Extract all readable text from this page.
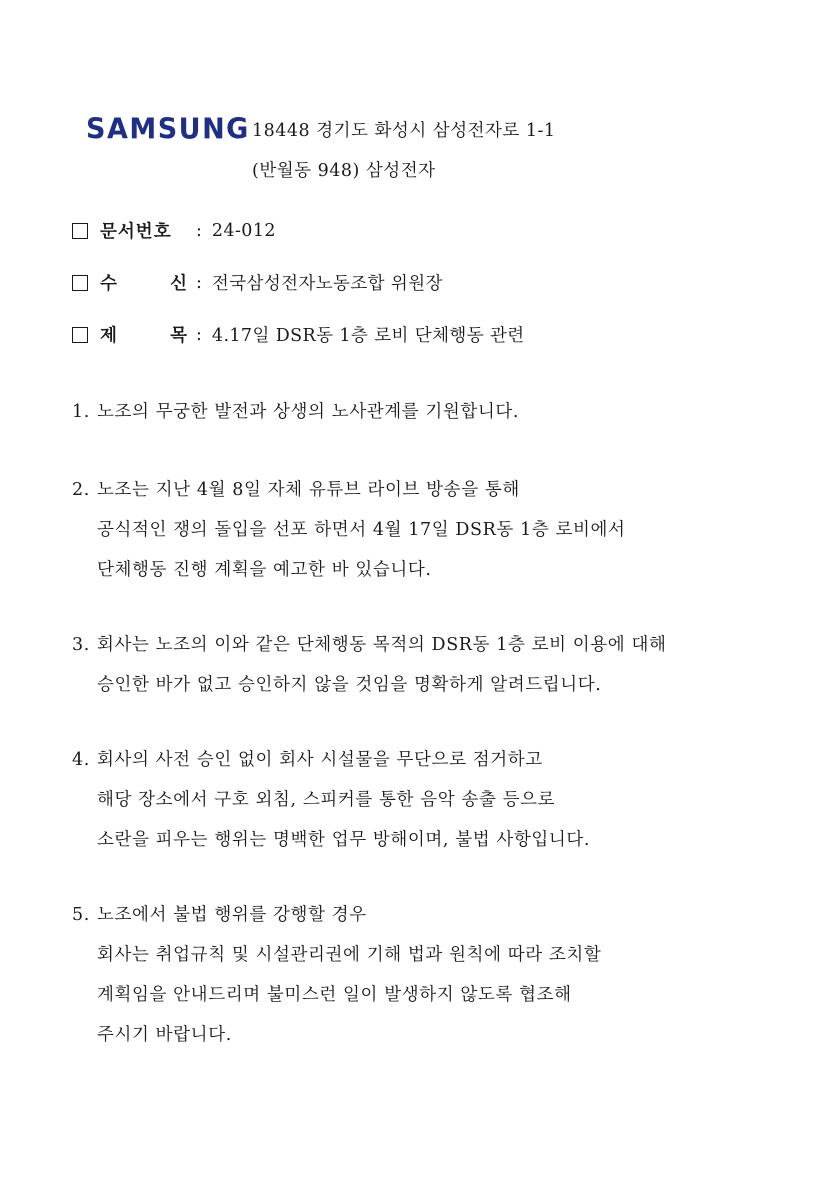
SAMSUNG 18448 경기도 화성시 삼성전자로 1-1
(반월동 948) 삼성전자
문서번호 : 24-012
수	신 : 전국삼성전자노동조합 위원장
제	목 : 4.17일 DSR동 1층 로비 단체행동 관련
1. 노조의 무궁한 발전과 상생의 노사관계를 기원합니다.
2. 노조는 지난 4월 8일 자체 유튜브 라이브 방송을 통해
공식적인 쟁의 돌입을 선포 하면서 4월 17일 DSR동 1층 로비에서
단체행동 진행 계획을 예고한 바 있습니다.
3. 회사는 노조의 이와 같은 단체행동 목적의 DSR동 1층 로비 이용에 대해
승인한 바가 없고 승인하지 않을 것임을 명확하게 알려드립니다.
4. 회사의 사전 승인 없이 회사 시설물을 무단으로 점거하고
해당 장소에서 구호 외침, 스피커를 통한 음악 송출 등으로
소란을 피우는 행위는 명백한 업무 방해이며, 불법 사항입니다.
5. 노조에서 불법 행위를 강행할 경우
회사는 취업규칙 및 시설관리권에 기해 법과 원칙에 따라 조치할
계획임을 안내드리며 불미스런 일이 발생하지 않도록 협조해
주시기 바랍니다.
